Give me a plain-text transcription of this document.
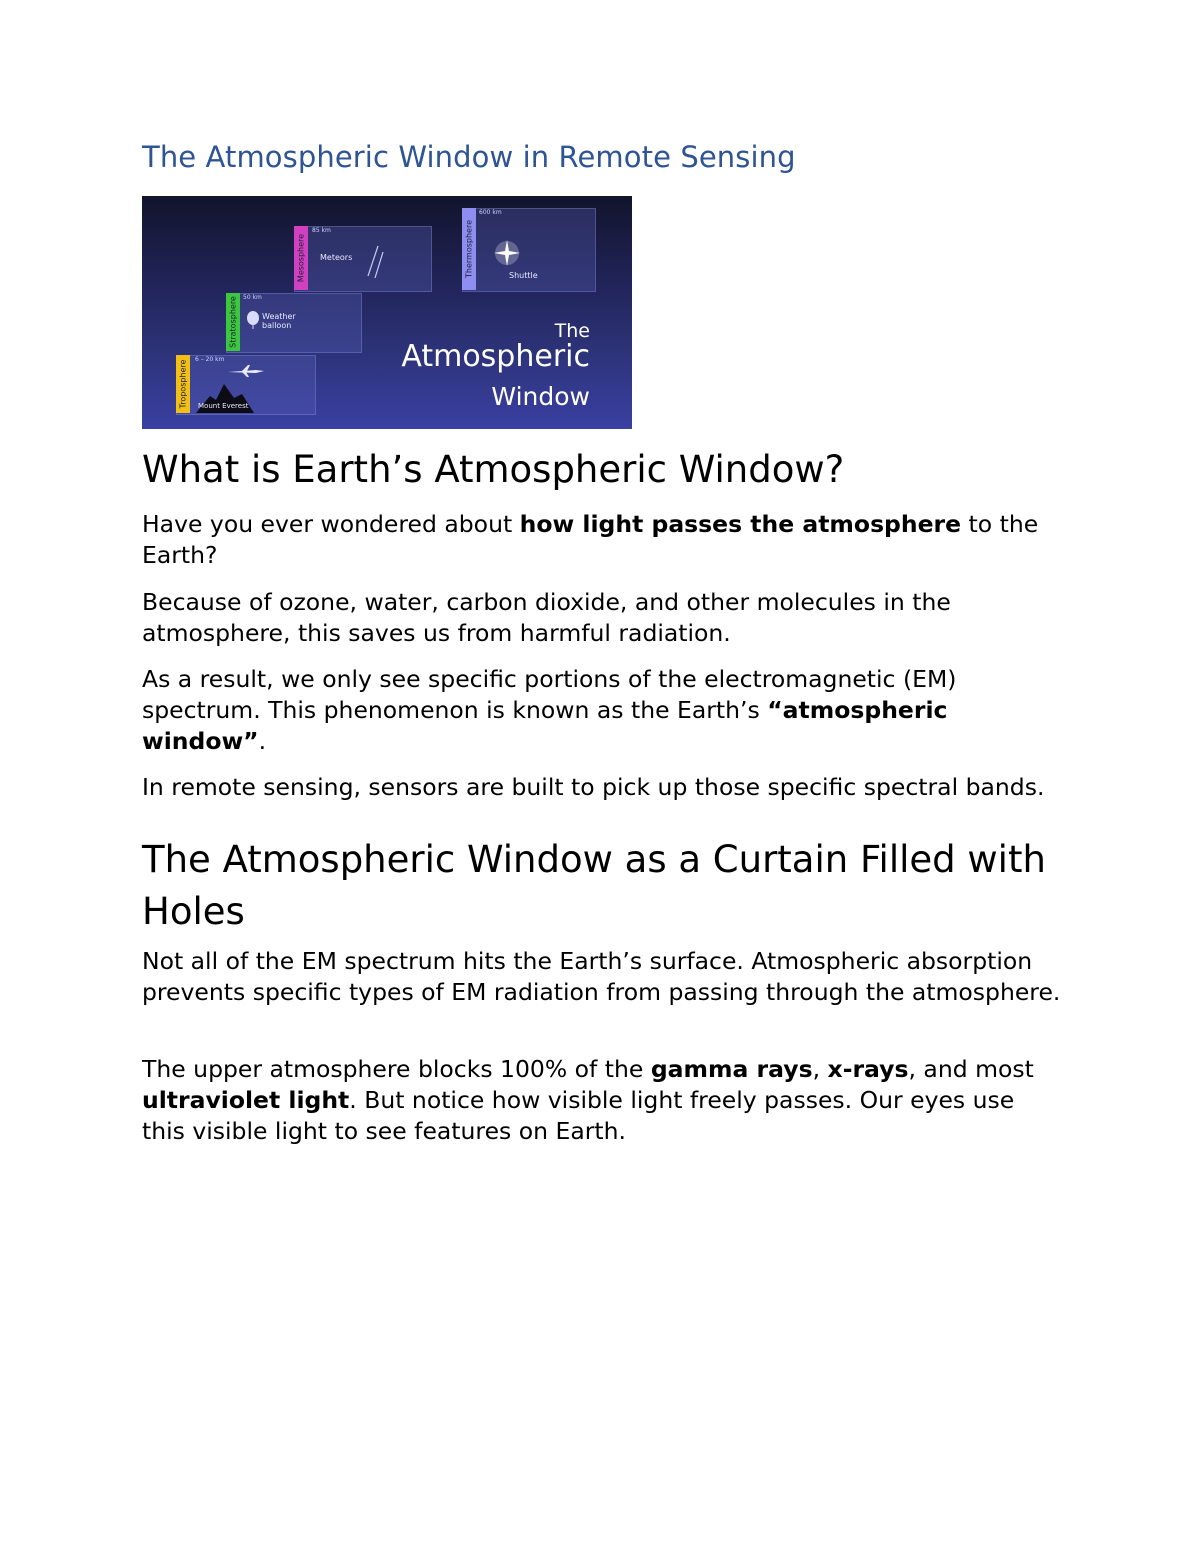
The Atmospheric Window in Remote Sensing
Thermosphere
600 km
Shuttle
Mesosphere
85 km
Meteors
Stratosphere 50 km
Weather balloon
Troposphere
6 – 20 km
Mount Everest
The
Atmospheric
Window
What is Earth’s Atmospheric Window?

Have you ever wondered about how light passes the atmosphere to the Earth?

Because of ozone, water, carbon dioxide, and other molecules in the atmosphere, this saves us from harmful radiation.

As a result, we only see specific portions of the electromagnetic (EM) spectrum. This phenomenon is known as the Earth’s “atmospheric window”.

In remote sensing, sensors are built to pick up those specific spectral bands.

The Atmospheric Window as a Curtain Filled with Holes

Not all of the EM spectrum hits the Earth’s surface. Atmospheric absorption prevents specific types of EM radiation from passing through the atmosphere.

The upper atmosphere blocks 100% of the gamma rays, x-rays, and most ultraviolet light. But notice how visible light freely passes. Our eyes use this visible light to see features on Earth.
